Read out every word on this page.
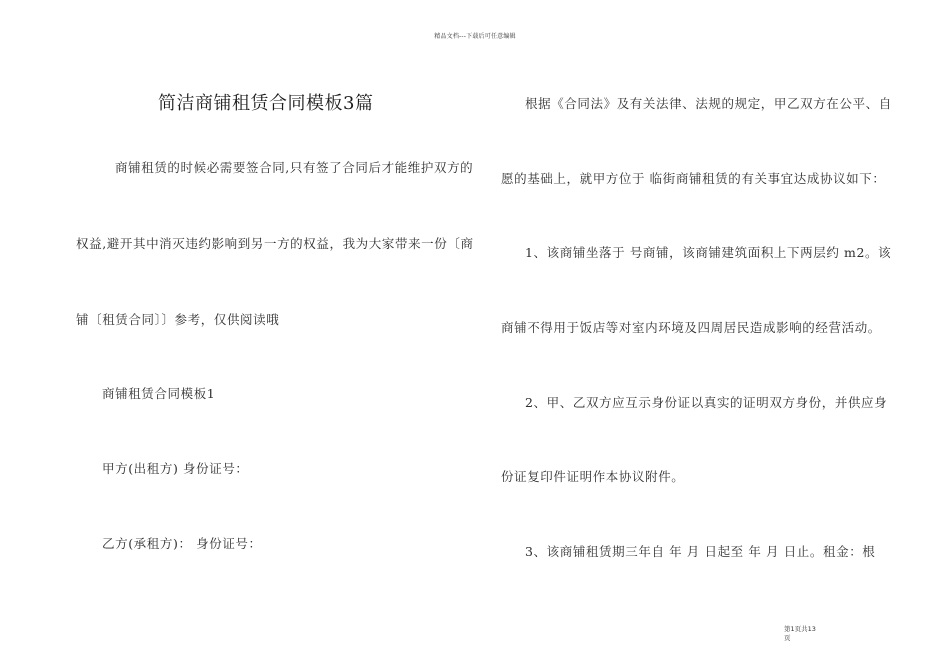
精品文档---下载后可任意编辑
简洁商铺租赁合同模板3篇
商铺租赁的时候必需要签合同,只有签了合同后才能维护双方的
权益,避开其中消灭违约影响到另一方的权益，我为大家带来一份〔商
铺〔租赁合同〕〕参考，仅供阅读哦
商铺租赁合同模板1
甲方(出租方) 身份证号：
乙方(承租方)： 身份证号：
根据《合同法》及有关法律、法规的规定，甲乙双方在公平、自
愿的基础上，就甲方位于 临街商铺租赁的有关事宜达成协议如下：
1、该商铺坐落于 号商铺，该商铺建筑面积上下两层约 m2。该
商铺不得用于饭店等对室内环境及四周居民造成影响的经营活动。
2、甲、乙双方应互示身份证以真实的证明双方身份，并供应身
份证复印件证明作本协议附件。
3、该商铺租赁期三年自 年 月 日起至 年 月 日止。租金：根
第1页共13
页
